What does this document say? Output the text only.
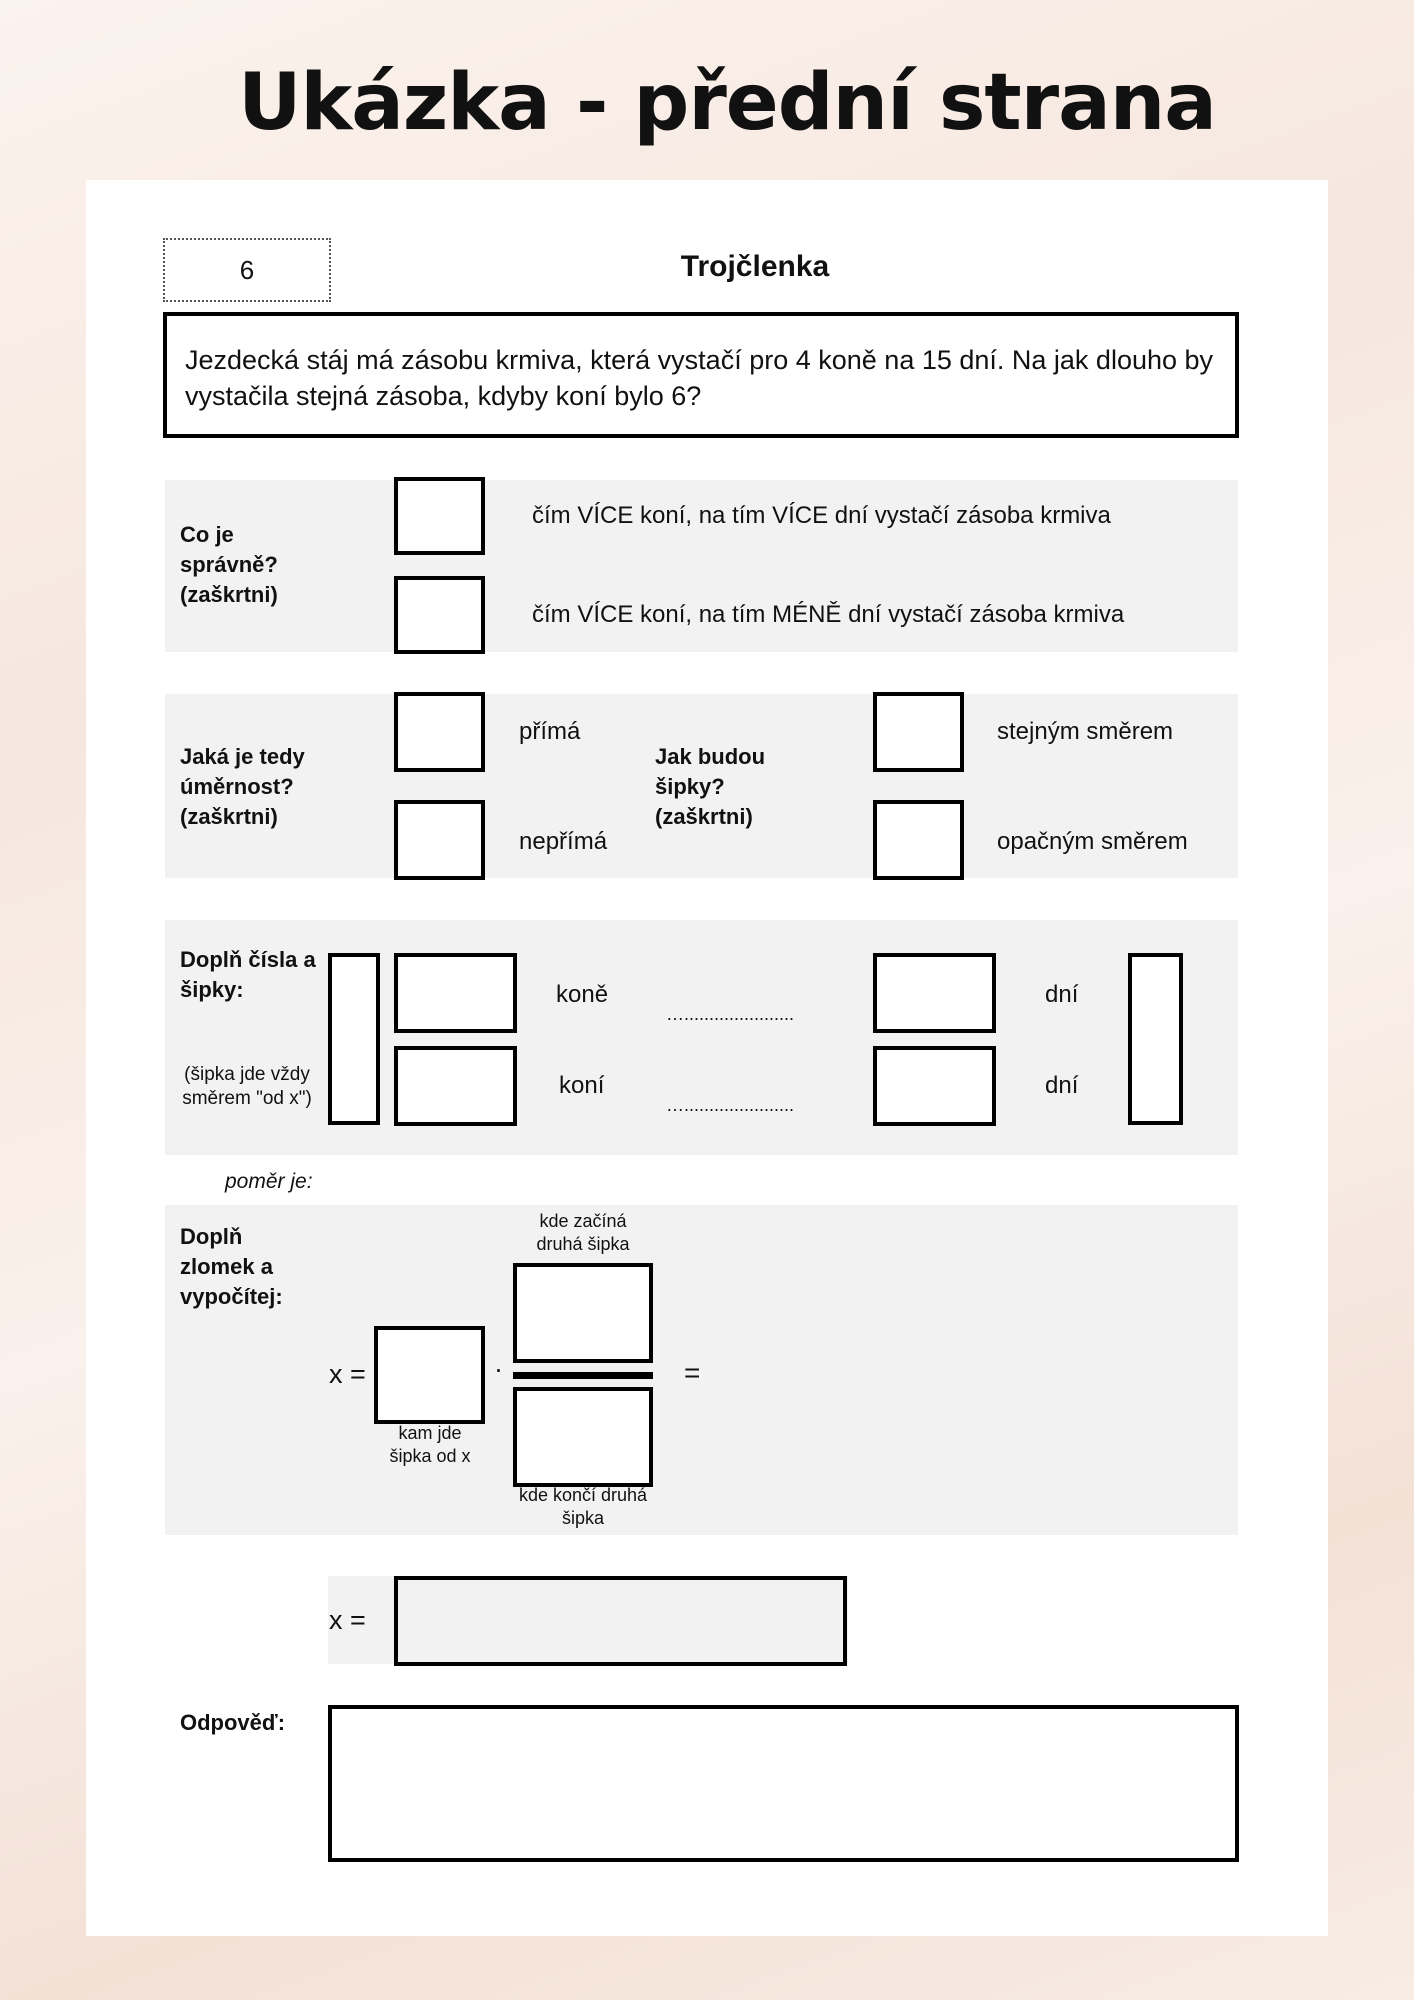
Ukázka - přední strana
6	Trojčlenka
Jezdecká stáj má zásobu krmiva, která vystačí pro 4 koně na 15 dní. Na jak dlouho by vystačila stejná zásoba, kdyby koní bylo 6?
Co je správně? (zaškrtni)
čím VÍCE koní, na tím VÍCE dní vystačí zásoba krmiva
čím VÍCE koní, na tím MÉNĚ dní vystačí zásoba krmiva
Jaká je tedy úměrnost? (zaškrtni)
přímá
nepřímá
Jak budou šipky? (zaškrtni)
stejným směrem
opačným směrem
Doplň čísla a šipky:
(šipka jde vždy směrem "od x")
koně
koní
…......................
…......................
dní
dní
poměr je:
Doplň zlomek a vypočítej:
x =
kam jde šipka od x
·
kde začíná druhá šipka
kde končí druhá šipka
=
x =
Odpověď:
